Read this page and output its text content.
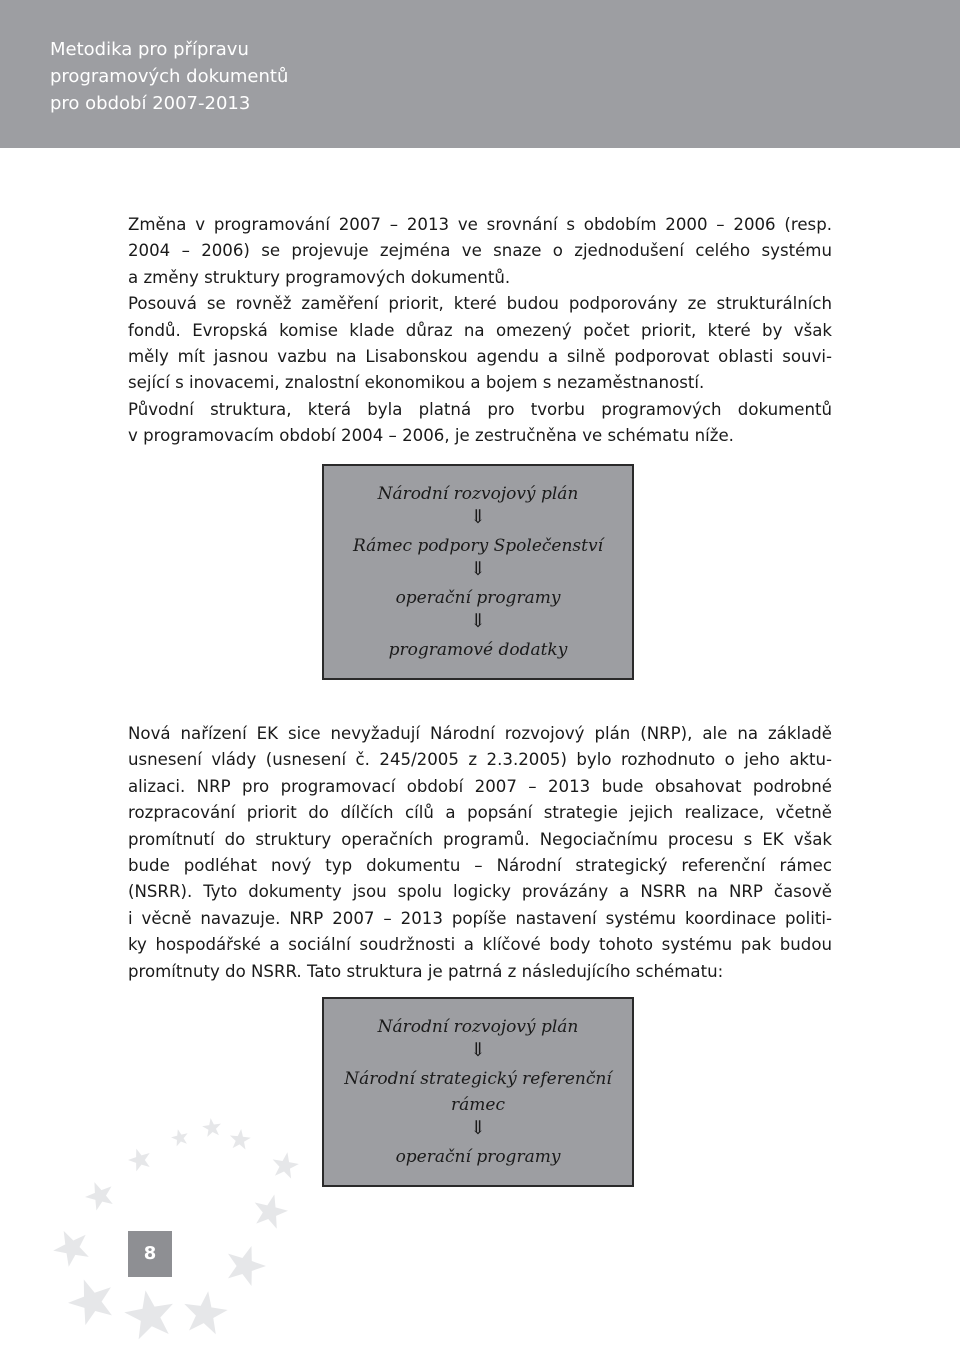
Metodika pro přípravu
programových dokumentů
pro období 2007-2013
Změna v programování 2007 – 2013 ve srovnání s obdobím 2000 – 2006 (resp.
2004 – 2006) se projevuje zejména ve snaze o zjednodušení celého systému
a změny struktury programových dokumentů.
Posouvá se rovněž zaměření priorit, které budou podporovány ze strukturálních
fondů. Evropská komise klade důraz na omezený počet priorit, které by však
měly mít jasnou vazbu na Lisabonskou agendu a silně podporovat oblasti souvi-
sející s inovacemi, znalostní ekonomikou a bojem s nezaměstnaností.
Původní struktura, která byla platná pro tvorbu programových dokumentů
v programovacím období 2004 – 2006, je zestručněna ve schématu níže.
Národní rozvojový plán
⇓
Rámec podpory Společenství
⇓
operační programy
⇓
programové dodatky
Nová nařízení EK sice nevyžadují Národní rozvojový plán (NRP), ale na základě
usnesení vlády (usnesení č. 245/2005 z 2.3.2005) bylo rozhodnuto o jeho aktu-
alizaci. NRP pro programovací období 2007 – 2013 bude obsahovat podrobné
rozpracování priorit do dílčích cílů a popsání strategie jejich realizace, včetně
promítnutí do struktury operačních programů. Negociačnímu procesu s EK však
bude podléhat nový typ dokumentu – Národní strategický referenční rámec
(NSRR). Tyto dokumenty jsou spolu logicky provázány a NSRR na NRP časově
i věcně navazuje. NRP 2007 – 2013 popíše nastavení systému koordinace politi-
ky hospodářské a sociální soudržnosti a klíčové body tohoto systému pak budou
promítnuty do NSRR. Tato struktura je patrná z následujícího schématu:
Národní rozvojový plán
⇓
Národní strategický referenční
rámec
⇓
operační programy
8
